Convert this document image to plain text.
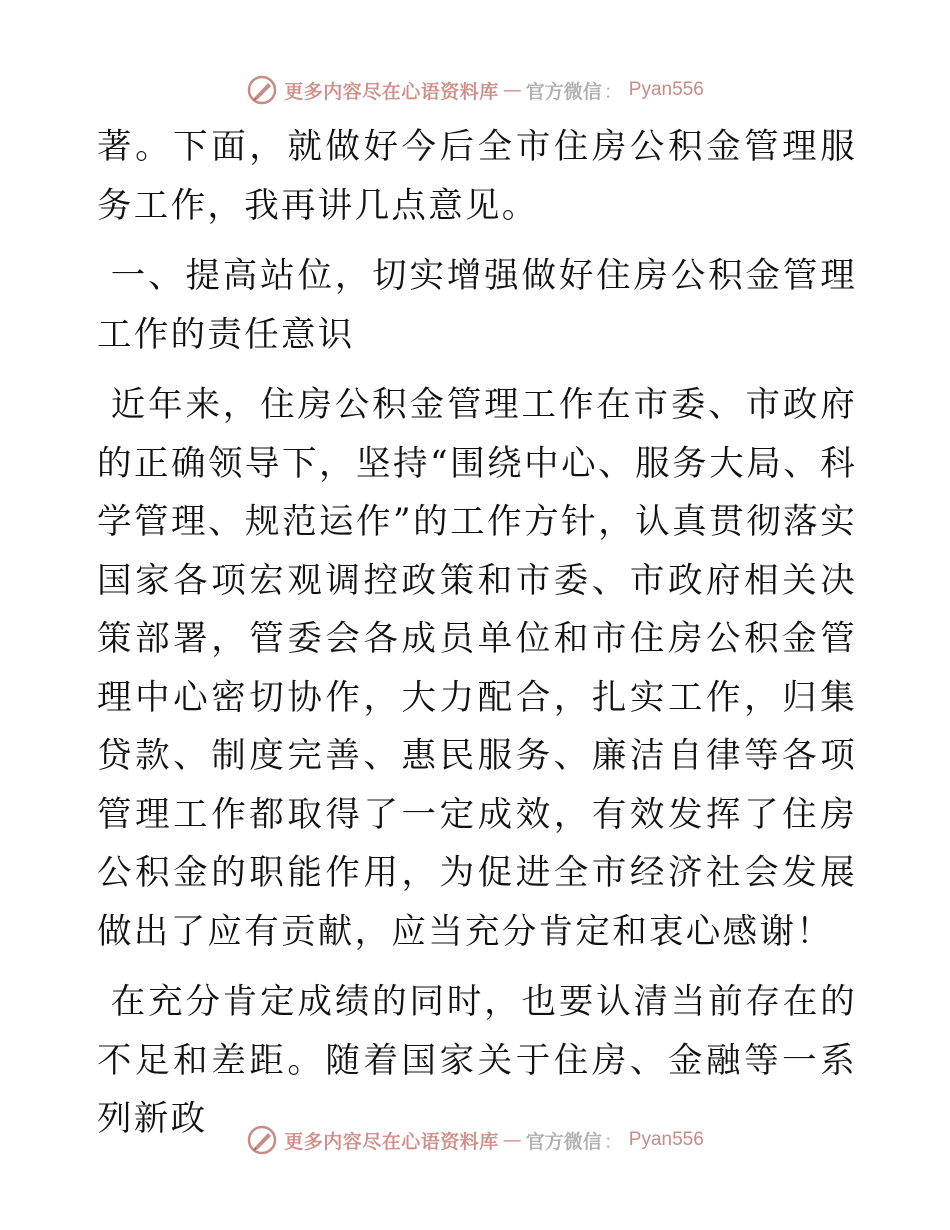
更多内容尽在心语资料库 — 官方微信 ： Pyan556

著。下面，就做好今后全市住房公积金管理服务工作，我再讲几点意见。

一、提高站位，切实增强做好住房公积金管理工作的责任意识

近年来，住房公积金管理工作在市委、市政府的正确领导下，坚持“围绕中心、服务大局、科学管理、规范运作”的工作方针，认真贯彻落实国家各项宏观调控政策和市委、市政府相关决策部署，管委会各成员单位和市住房公积金管理中心密切协作，大力配合，扎实工作，归集贷款、制度完善、惠民服务、廉洁自律等各项管理工作都取得了一定成效，有效发挥了住房公积金的职能作用，为促进全市经济社会发展做出了应有贡献，应当充分肯定和衷心感谢！

在充分肯定成绩的同时，也要认清当前存在的不足和差距。随着国家关于住房、金融等一系列新政

更多内容尽在心语资料库 — 官方微信 ： Pyan556
